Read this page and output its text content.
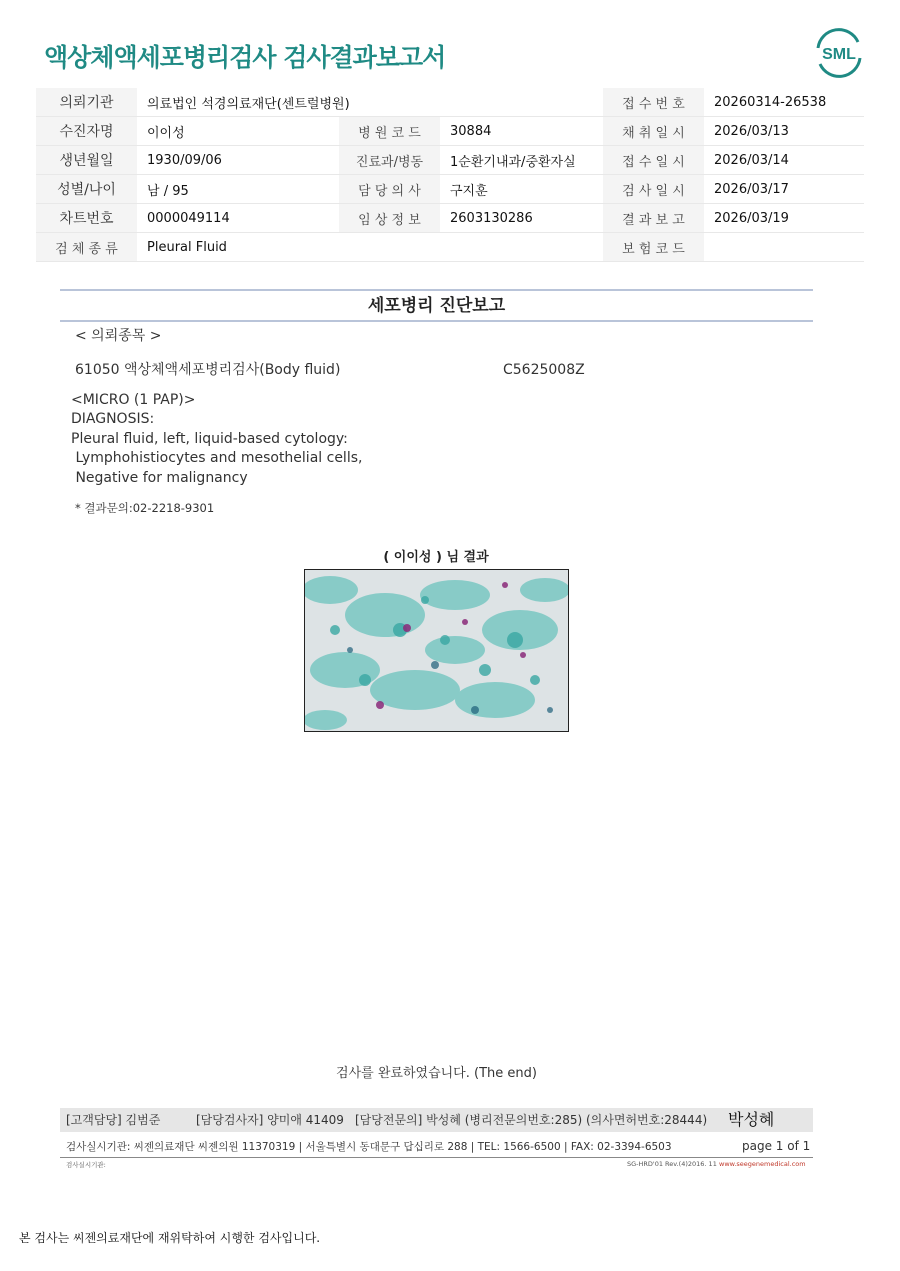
액상체액세포병리검사 검사결과보고서	SML
의뢰기관	의료법인 석경의료재단(센트럴병원)			접 수 번 호	20260314-26538
수진자명	이이성	병 원 코 드	30884	채 취 일 시	2026/03/13
생년월일	1930/09/06	진료과/병동	1순환기내과/중환자실	접 수 일 시	2026/03/14
성별/나이	남 / 95	담 당 의 사	구지훈	검 사 일 시	2026/03/17
차트번호	0000049114	임 상 정 보	2603130286	결 과 보 고	2026/03/19
검 체 종 류	Pleural Fluid			보 험 코 드	
세포병리 진단보고
< 의뢰종목 >
61050 액상체액세포병리검사(Body fluid)	C5625008Z
<MICRO (1 PAP)>
DIAGNOSIS:
Pleural fluid, left, liquid-based cytology:
Lymphohistiocytes and mesothelial cells,
Negative for malignancy
* 결과문의:02-2218-9301
( 이이성 ) 님 결과
검사를 완료하였습니다. (The end)
[고객담당] 김범준	[담당검사자] 양미애 41409 [담당전문의] 박성혜 (병리전문의번호:285) (의사면허번호:28444) 박성혜
검사실시기관: 씨젠의료재단 씨젠의원 11370319 | 서울특별시 동대문구 답십리로 288 | TEL: 1566-6500 | FAX: 02-3394-6503	page 1 of 1
검사실시기관:	SG-HRD'01 Rev.(4)2016. 11 www.seegenemedical.com
본 검사는 씨젠의료재단에 재위탁하여 시행한 검사입니다.
